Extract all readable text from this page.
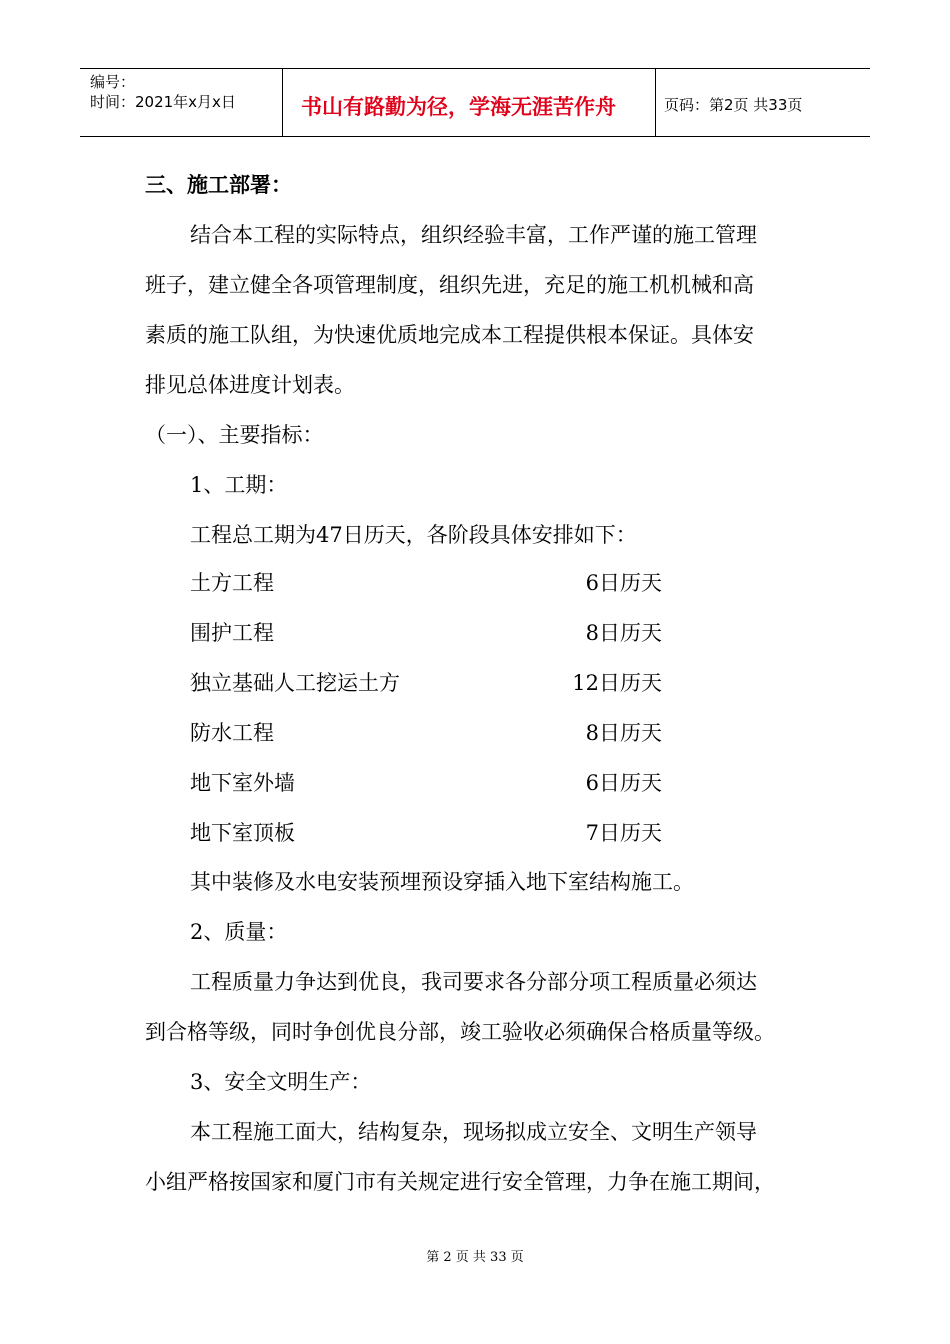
编号：
时间：2021年x月x日	书山有路勤为径，学海无涯苦作舟	页码：第2页 共33页
三、施工部署：
结合本工程的实际特点，组织经验丰富，工作严谨的施工管理
班子，建立健全各项管理制度，组织先进，充足的施工机机械和高
素质的施工队组，为快速优质地完成本工程提供根本保证。具体安
排见总体进度计划表。
（一）、主要指标：
1、工期：
工程总工期为47日历天，各阶段具体安排如下：
土方工程	6日历天
围护工程	8日历天
独立基础人工挖运土方	12日历天
防水工程	8日历天
地下室外墙	6日历天
地下室顶板	7日历天
其中装修及水电安装预埋预设穿插入地下室结构施工。
2、质量：
工程质量力争达到优良，我司要求各分部分项工程质量必须达
到合格等级，同时争创优良分部，竣工验收必须确保合格质量等级。
3、安全文明生产：
本工程施工面大，结构复杂，现场拟成立安全、文明生产领导
小组严格按国家和厦门市有关规定进行安全管理，力争在施工期间，
第 2 页 共 33 页
